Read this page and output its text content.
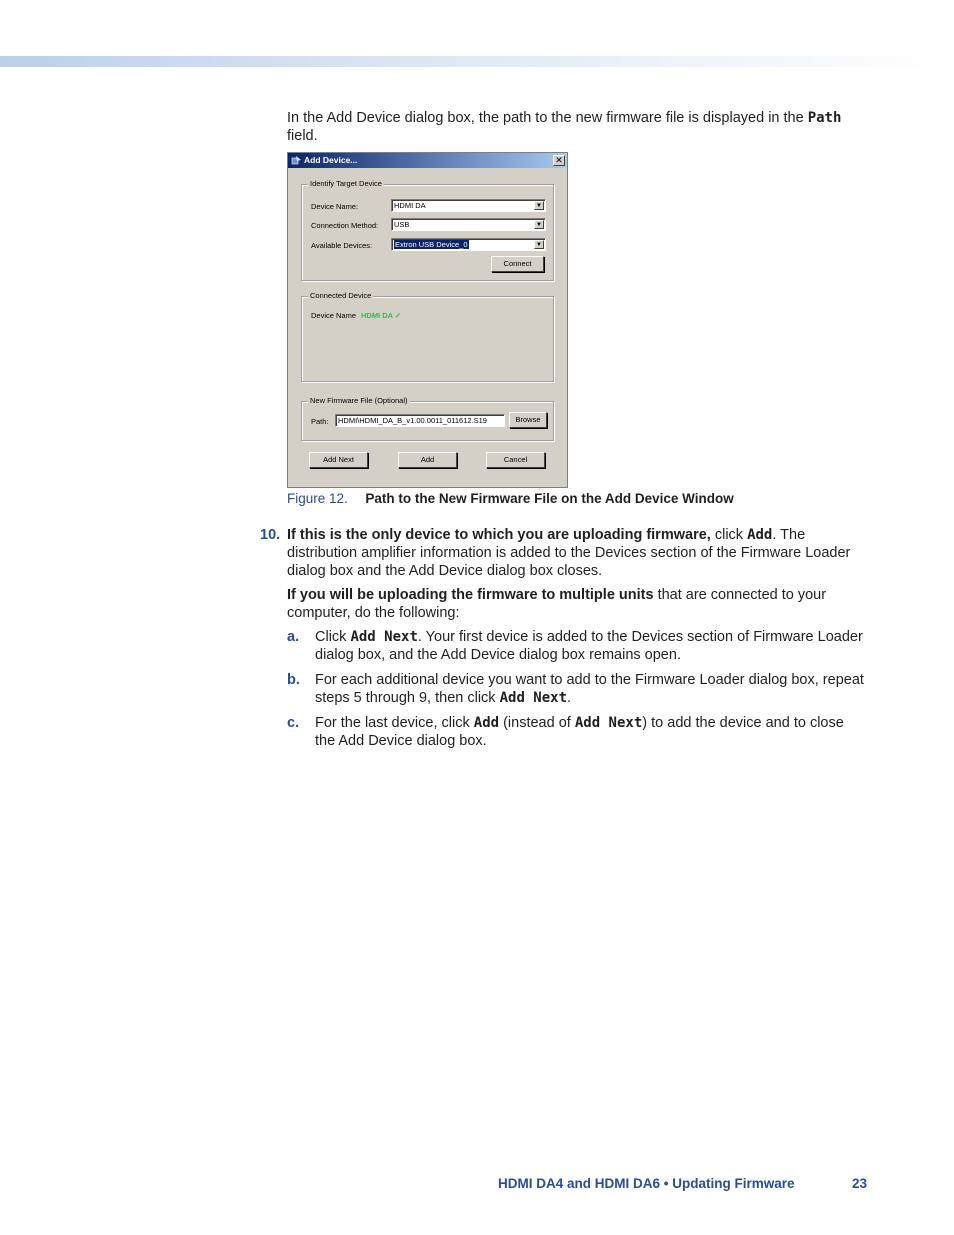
In the Add Device dialog box, the path to the new firmware file is displayed in the Path
field.
Add Device...	✕
Identify Target Device
Device Name:	HDMI DA	▼
Connection Method:	USB	▼
Available Devices:	Extron USB Device_0	▼
Connect
Connected Device
Device Name HDMI DA ✓
New Firmware File (Optional)
Path:	HDMI\HDMI_DA_B_v1.00.0011_011612.S19	Browse
Add Next	Add	Cancel
Figure 12. Path to the New Firmware File on the Add Device Window
10. If this is the only device to which you are uploading firmware, click Add. The
distribution amplifier information is added to the Devices section of the Firmware Loader
dialog box and the Add Device dialog box closes.
If you will be uploading the firmware to multiple units that are connected to your
computer, do the following:
a. Click Add Next. Your first device is added to the Devices section of Firmware Loader
dialog box, and the Add Device dialog box remains open.
b. For each additional device you want to add to the Firmware Loader dialog box, repeat
steps 5 through 9, then click Add Next.
c. For the last device, click Add (instead of Add Next) to add the device and to close
the Add Device dialog box.
HDMI DA4 and HDMI DA6 • Updating Firmware	23
